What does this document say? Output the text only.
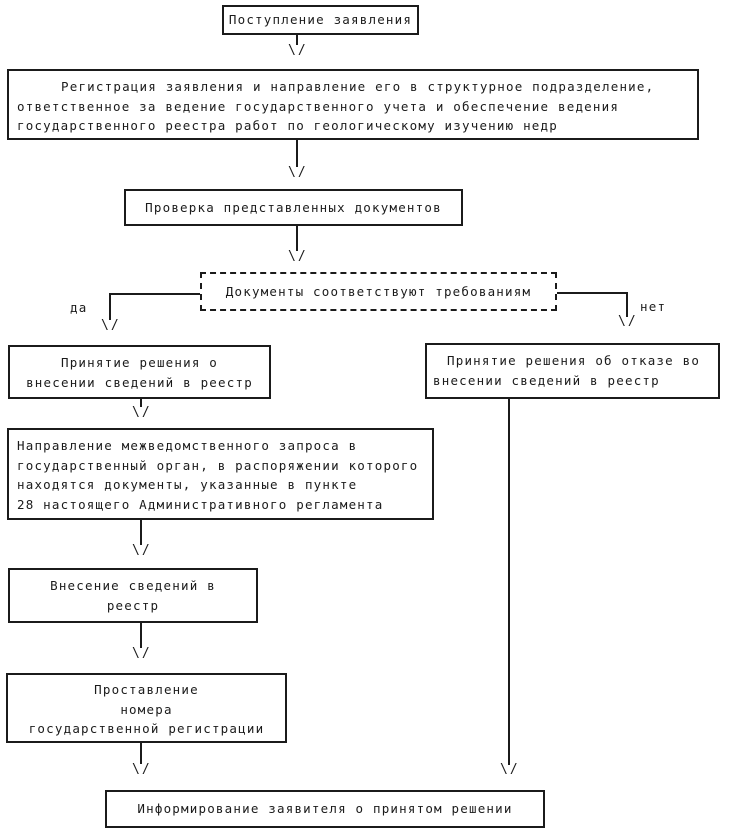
Поступление заявления
\/
Регистрация заявления и направление его в структурное подразделение,
ответственное за ведение государственного учета и обеспечение ведения
государственного реестра работ по геологическому изучению недр
\/
Проверка представленных документов
\/
Документы соответствуют требованиям
да
\/
нет
\/
Принятие решения о
внесении сведений в реестр
Принятие решения об отказе во
внесении сведений в реестр
\/
Направление межведомственного запроса в
государственный орган, в распоряжении которого
находятся документы, указанные в пункте
28 настоящего Административного регламента
\/
Внесение сведений в
реестр
\/
Проставление
номера
государственной регистрации
\/	\/
Информирование заявителя о принятом решении
